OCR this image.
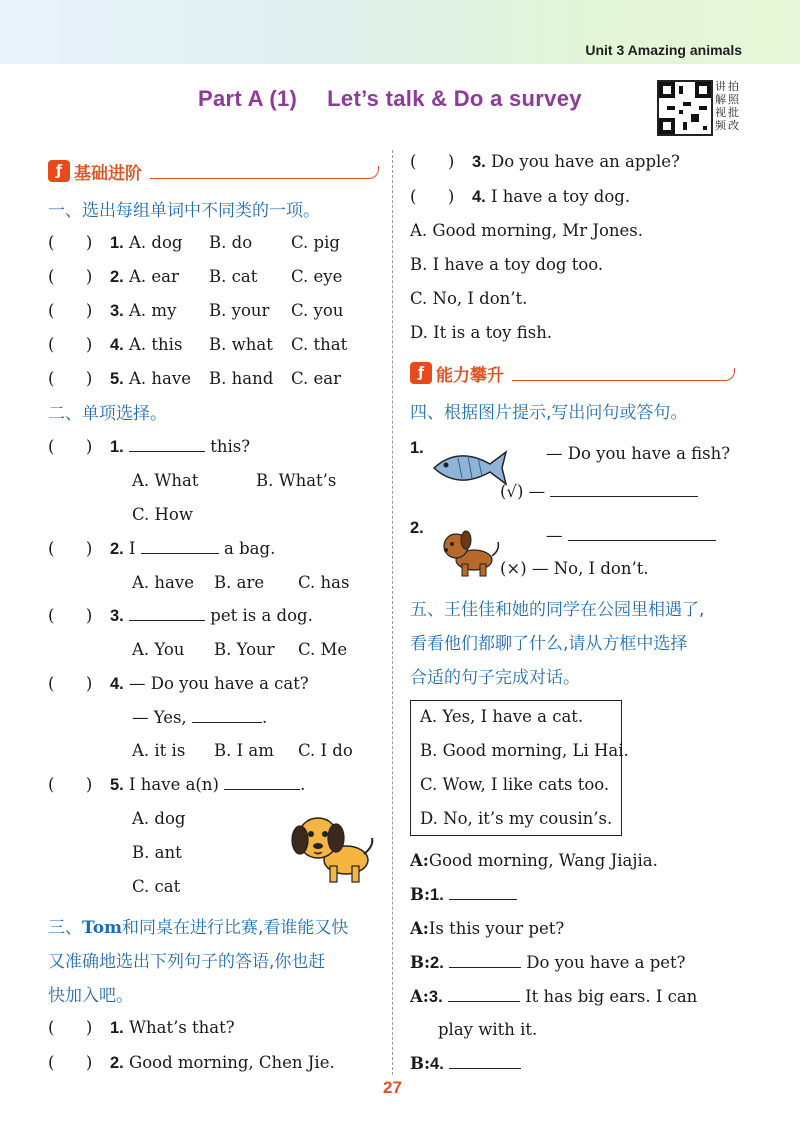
Unit 3 Amazing animals
Part A (1) Let’s talk & Do a survey	讲 拍
解 照
视 批
频 改
ƒ 基础进阶
一、选出每组单词中不同类的一项。
(      ) 1. A. dog B. do C. pig
(      ) 2. A. ear B. cat C. eye
(      ) 3. A. my B. your C. you
(      ) 4. A. this B. what C. that
(      ) 5. A. have B. hand C. ear
二、单项选择。
(      ) 1.	this?
A. What	B. What’s
C. How
(      ) 2. I	a bag.
A. have B. are C. has
(      ) 3.	pet is a dog.
A. You B. Your C. Me
(      ) 4. — Do you have a cat?
— Yes,	.
A. it is B. I am C. I do
(      ) 5. I have a(n)	.
A. dog
B. ant
C. cat
三、Tom和同桌在进行比赛,看谁能又快
又准确地选出下列句子的答语,你也赶
快加入吧。
(      ) 1. What’s that?
(      ) 2. Good morning, Chen Jie.
(      ) 3. Do you have an apple?
(      ) 4. I have a toy dog.
A. Good morning, Mr Jones.
B. I have a toy dog too.
C. No, I don’t.
D. It is a toy fish.
ƒ 能力攀升
四、根据图片提示,写出问句或答句。
1.	— Do you have a fish?
(√) —
2.	—
(×) — No, I don’t.
五、王佳佳和她的同学在公园里相遇了,
看看他们都聊了什么,请从方框中选择
合适的句子完成对话。
A. Yes, I have a cat.
B. Good morning, Li Hai.
C. Wow, I like cats too.
D. No, it’s my cousin’s.
A:Good morning, Wang Jiajia.
B:1.
A:Is this your pet?
B:2.	Do you have a pet?
A:3.	It has big ears. I can
play with it.
B:4.
27
